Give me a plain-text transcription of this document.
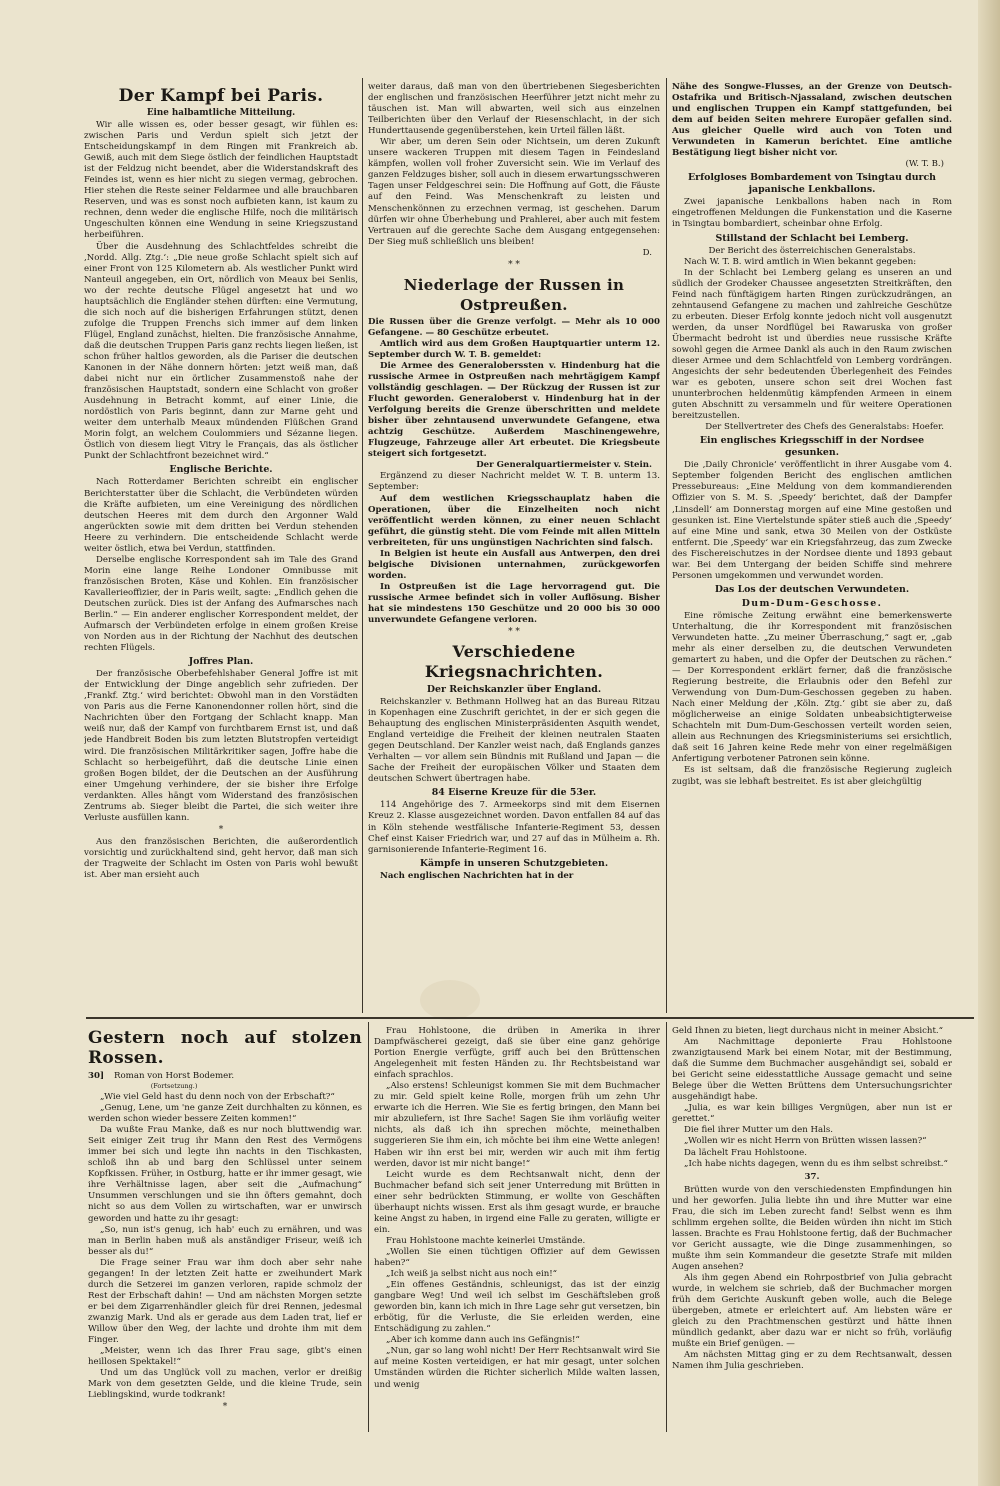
Der Kampf bei Paris.
Eine halbamtliche Mitteilung.

Wir alle wissen es, oder besser gesagt, wir fühlen es: zwischen Paris und Verdun spielt sich jetzt der Entscheidungskampf in dem Ringen mit Frankreich ab. Gewiß, auch mit dem Siege östlich der feindlichen Hauptstadt ist der Feldzug nicht beendet, aber die Widerstandskraft des Feindes ist, wenn es hier nicht zu siegen vermag, gebrochen. Hier stehen die Reste seiner Feldarmee und alle brauchbaren Reserven, und was es sonst noch aufbieten kann, ist kaum zu rechnen, denn weder die englische Hilfe, noch die militärisch Ungeschulten können eine Wendung in seine Kriegszustand herbeiführen.

Über die Ausdehnung des Schlachtfeldes schreibt die ‚Nordd. Allg. Ztg.‘: „Die neue große Schlacht spielt sich auf einer Front von 125 Kilometern ab. Als westlicher Punkt wird Nanteuil angegeben, ein Ort, nördlich von Meaux bei Senlis, wo der rechte deutsche Flügel angesetzt hat und wo hauptsächlich die Engländer stehen dürften: eine Vermutung, die sich noch auf die bisherigen Erfahrungen stützt, denen zufolge die Truppen Frenchs sich immer auf dem linken Flügel, England zunächst, hielten. Die französische Annahme, daß die deutschen Truppen Paris ganz rechts liegen ließen, ist schon früher haltlos geworden, als die Pariser die deutschen Kanonen in der Nähe donnern hörten: jetzt weiß man, daß dabei nicht nur ein örtlicher Zusammenstoß nahe der französischen Hauptstadt, sondern eine Schlacht von großer Ausdehnung in Betracht kommt, auf einer Linie, die nordöstlich von Paris beginnt, dann zur Marne geht und weiter dem unterhalb Meaux mündenden Flüßchen Grand Morin folgt, an welchem Coulommiers und Sézanne liegen. Östlich von diesem liegt Vitry le Français, das als östlicher Punkt der Schlachtfront bezeichnet wird.“

Englische Berichte.

Nach Rotterdamer Berichten schreibt ein englischer Berichterstatter über die Schlacht, die Verbündeten würden die Kräfte aufbieten, um eine Vereinigung des nördlichen deutschen Heeres mit dem durch den Argonner Wald angerückten sowie mit dem dritten bei Verdun stehenden Heere zu verhindern. Die entscheidende Schlacht werde weiter östlich, etwa bei Verdun, stattfinden.

Derselbe englische Korrespondent sah im Tale des Grand Morin eine lange Reihe Londoner Omnibusse mit französischen Broten, Käse und Kohlen. Ein französischer Kavallerieoffizier, der in Paris weilt, sagte: „Endlich gehen die Deutschen zurück. Dies ist der Anfang des Aufmarsches nach Berlin.“ — Ein anderer englischer Korrespondent meldet, der Aufmarsch der Verbündeten erfolge in einem großen Kreise von Norden aus in der Richtung der Nachhut des deutschen rechten Flügels.

Joffres Plan.

Der französische Oberbefehlshaber General Joffre ist mit der Entwicklung der Dinge angeblich sehr zufrieden. Der ‚Frankf. Ztg.‘ wird berichtet: Obwohl man in den Vorstädten von Paris aus die Ferne Kanonendonner rollen hört, sind die Nachrichten über den Fortgang der Schlacht knapp. Man weiß nur, daß der Kampf von furchtbarem Ernst ist, und daß jede Handbreit Boden bis zum letzten Blutstropfen verteidigt wird. Die französischen Militärkritiker sagen, Joffre habe die Schlacht so herbeigeführt, daß die deutsche Linie einen großen Bogen bildet, der die Deutschen an der Ausführung einer Umgehung verhindere, der sie bisher ihre Erfolge verdankten. Alles hängt vom Widerstand des französischen Zentrums ab. Sieger bleibt die Partei, die sich weiter ihre Verluste ausfüllen kann.

*

Aus den französischen Berichten, die außerordentlich vorsichtig und zurückhaltend sind, geht hervor, daß man sich der Tragweite der Schlacht im Osten von Paris wohl bewußt ist. Aber man ersieht auch

weiter daraus, daß man von den übertriebenen Siegesberichten der englischen und französischen Heerführer jetzt nicht mehr zu täuschen ist. Man will abwarten, weil sich aus einzelnen Teilberichten über den Verlauf der Riesenschlacht, in der sich Hunderttausende gegenüberstehen, kein Urteil fällen läßt.

Wir aber, um deren Sein oder Nichtsein, um deren Zukunft unsere wackeren Truppen mit diesem Tagen in Feindesland kämpfen, wollen voll froher Zuversicht sein. Wie im Verlauf des ganzen Feldzuges bisher, soll auch in diesem erwartungsschweren Tagen unser Feldgeschrei sein: Die Hoffnung auf Gott, die Fäuste auf den Feind. Was Menschenkraft zu leisten und Menschenkönnen zu erzechnen vermag, ist geschehen. Darum dürfen wir ohne Überhebung und Prahlerei, aber auch mit festem Vertrauen auf die gerechte Sache dem Ausgang entgegensehen: Der Sieg muß schließlich uns bleiben!

D.
* *
Niederlage der Russen in Ostpreußen.

Die Russen über die Grenze verfolgt. — Mehr als 10 000 Gefangene. — 80 Geschütze erbeutet.

Amtlich wird aus dem Großen Hauptquartier unterm 12. September durch W. T. B. gemeldet:

Die Armee des Generaloberssten v. Hindenburg hat die russische Armee in Ostpreußen nach mehrtägigem Kampf vollständig geschlagen. — Der Rückzug der Russen ist zur Flucht geworden. Generaloberst v. Hindenburg hat in der Verfolgung bereits die Grenze überschritten und meldete bisher über zehntausend unverwundete Gefangene, etwa achtzig Geschütze. Außerdem Maschinengewehre, Flugzeuge, Fahrzeuge aller Art erbeutet. Die Kriegsbeute steigert sich fortgesetzt.

Der Generalquartiermeister v. Stein.

Ergänzend zu dieser Nachricht meldet W. T. B. unterm 13. September:

Auf dem westlichen Kriegsschauplatz haben die Operationen, über die Einzelheiten noch nicht veröffentlicht werden können, zu einer neuen Schlacht geführt, die günstig steht. Die vom Feinde mit allen Mitteln verbreiteten, für uns ungünstigen Nachrichten sind falsch.

In Belgien ist heute ein Ausfall aus Antwerpen, den drei belgische Divisionen unternahmen, zurückgeworfen worden.

In Ostpreußen ist die Lage hervorragend gut. Die russische Armee befindet sich in voller Auflösung. Bisher hat sie mindestens 150 Geschütze und 20 000 bis 30 000 unverwundete Gefangene verloren.

* *
Verschiedene Kriegsnachrichten.
Der Reichskanzler über England.

Reichskanzler v. Bethmann Hollweg hat an das Bureau Ritzau in Kopenhagen eine Zuschrift gerichtet, in der er sich gegen die Behauptung des englischen Ministerpräsidenten Asquith wendet, England verteidige die Freiheit der kleinen neutralen Staaten gegen Deutschland. Der Kanzler weist nach, daß Englands ganzes Verhalten — vor allem sein Bündnis mit Rußland und Japan — die Sache der Freiheit der europäischen Völker und Staaten dem deutschen Schwert übertragen habe.

84 Eiserne Kreuze für die 53er.

114 Angehörige des 7. Armeekorps sind mit dem Eisernen Kreuz 2. Klasse ausgezeichnet worden. Davon entfallen 84 auf das in Köln stehende westfälische Infanterie-Regiment 53, dessen Chef einst Kaiser Friedrich war, und 27 auf das in Mülheim a. Rh. garnisonierende Infanterie-Regiment 16.

Kämpfe in unseren Schutzgebieten.

Nach englischen Nachrichten hat in der

Nähe des Songwe-Flusses, an der Grenze von Deutsch-Ostafrika und Britisch-Njassaland, zwischen deutschen und englischen Truppen ein Kampf stattgefunden, bei dem auf beiden Seiten mehrere Europäer gefallen sind. Aus gleicher Quelle wird auch von Toten und Verwundeten in Kamerun berichtet. Eine amtliche Bestätigung liegt bisher nicht vor.

(W. T. B.)
Erfolgloses Bombardement von Tsingtau durch japanische Lenkballons.

Zwei japanische Lenkballons haben nach in Rom eingetroffenen Meldungen die Funkenstation und die Kaserne in Tsingtau bombardiert, scheinbar ohne Erfolg.

Stillstand der Schlacht bei Lemberg.

Der Bericht des österreichischen Generalstabs.

Nach W. T. B. wird amtlich in Wien bekannt gegeben:

In der Schlacht bei Lemberg gelang es unseren an und südlich der Grodeker Chaussee angesetzten Streitkräften, den Feind nach fünftägigem harten Ringen zurückzudrängen, an zehntausend Gefangene zu machen und zahlreiche Geschütze zu erbeuten. Dieser Erfolg konnte jedoch nicht voll ausgenutzt werden, da unser Nordflügel bei Rawaruska von großer Übermacht bedroht ist und überdies neue russische Kräfte sowohl gegen die Armee Dankl als auch in den Raum zwischen dieser Armee und dem Schlachtfeld von Lemberg vordrängen. Angesichts der sehr bedeutenden Überlegenheit des Feindes war es geboten, unsere schon seit drei Wochen fast ununterbrochen heldenmütig kämpfenden Armeen in einem guten Abschnitt zu versammeln und für weitere Operationen bereitzustellen.

Der Stellvertreter des Chefs des Generalstabs: Hoefer.
Ein englisches Kriegsschiff in der Nordsee gesunken.

Die ‚Daily Chronicle‘ veröffentlicht in ihrer Ausgabe vom 4. September folgenden Bericht des englischen amtlichen Pressebureaus: „Eine Meldung von dem kommandierenden Offizier von S. M. S. ‚Speedy‘ berichtet, daß der Dampfer ‚Linsdell‘ am Donnerstag morgen auf eine Mine gestoßen und gesunken ist. Eine Viertelstunde später stieß auch die ‚Speedy‘ auf eine Mine und sank, etwa 30 Meilen von der Ostküste entfernt. Die ‚Speedy‘ war ein Kriegsfahrzeug, das zum Zwecke des Fischereischutzes in der Nordsee diente und 1893 gebaut war. Bei dem Untergang der beiden Schiffe sind mehrere Personen umgekommen und verwundet worden.

Das Los der deutschen Verwundeten.
Dum-Dum-Geschosse.

Eine römische Zeitung erwähnt eine bemerkenswerte Unterhaltung, die ihr Korrespondent mit französischen Verwundeten hatte. „Zu meiner Überraschung,“ sagt er, „gab mehr als einer derselben zu, die deutschen Verwundeten gemartert zu haben, und die Opfer der Deutschen zu rächen.“ — Der Korrespondent erklärt ferner, daß die französische Regierung bestreite, die Erlaubnis oder den Befehl zur Verwendung von Dum-Dum-Geschossen gegeben zu haben. Nach einer Meldung der ‚Köln. Ztg.‘ gibt sie aber zu, daß möglicherweise an einige Soldaten unbeabsichtigterweise Schachteln mit Dum-Dum-Geschossen verteilt worden seien, allein aus Rechnungen des Kriegsministeriums sei ersichtlich, daß seit 16 Jahren keine Rede mehr von einer regelmäßigen Anfertigung verbotener Patronen sein könne.

Es ist seltsam, daß die französische Regierung zugleich zugibt, was sie lebhaft bestreitet. Es ist aber gleichgültig

Gestern noch auf stolzen Rossen.
30] Roman von Horst Bodemer.
(Fortsetzung.)

„Wie viel Geld hast du denn noch von der Erbschaft?“

„Genug, Lene, um 'ne ganze Zeit durchhalten zu können, es werden schon wieder bessere Zeiten kommen!“

Da wußte Frau Manke, daß es nur noch bluttwendig war. Seit einiger Zeit trug ihr Mann den Rest des Vermögens immer bei sich und legte ihn nachts in den Tischkasten, schloß ihn ab und barg den Schlüssel unter seinem Kopfkissen. Früher, in Ostburg, hatte er ihr immer gesagt, wie ihre Verhältnisse lagen, aber seit die „Aufmachung“ Unsummen verschlungen und sie ihn öfters gemahnt, doch nicht so aus dem Vollen zu wirtschaften, war er unwirsch geworden und hatte zu ihr gesagt:

„So, nun ist's genug, ich hab' euch zu ernähren, und was man in Berlin haben muß als anständiger Friseur, weiß ich besser als du!“

Die Frage seiner Frau war ihm doch aber sehr nahe gegangen! In der letzten Zeit hatte er zweihundert Mark durch die Setzerei im ganzen verloren, rapide schmolz der Rest der Erbschaft dahin! — Und am nächsten Morgen setzte er bei dem Zigarrenhändler gleich für drei Rennen, jedesmal zwanzig Mark. Und als er gerade aus dem Laden trat, lief er Willow über den Weg, der lachte und drohte ihm mit dem Finger.

„Meister, wenn ich das Ihrer Frau sage, gibt's einen heillosen Spektakel!“

Und um das Unglück voll zu machen, verlor er dreißig Mark von dem gesetzten Gelde, und die kleine Trude, sein Lieblingskind, wurde todkrank!

*

Frau Hohlstoone, die drüben in Amerika in ihrer Dampfwäscherei gezeigt, daß sie über eine ganz gehörige Portion Energie verfügte, griff auch bei den Brüttenschen Angelegenheit mit festen Händen zu. Ihr Rechtsbeistand war einfach sprachlos.

„Also erstens! Schleunigst kommen Sie mit dem Buchmacher zu mir. Geld spielt keine Rolle, morgen früh um zehn Uhr erwarte ich die Herren. Wie Sie es fertig bringen, den Mann bei mir abzuliefern, ist Ihre Sache! Sagen Sie ihm vorläufig weiter nichts, als daß ich ihn sprechen möchte, meinethalben suggerieren Sie ihm ein, ich möchte bei ihm eine Wette anlegen! Haben wir ihn erst bei mir, werden wir auch mit ihm fertig werden, davor ist mir nicht bange!“

Leicht wurde es dem Rechtsanwalt nicht, denn der Buchmacher befand sich seit jener Unterredung mit Brütten in einer sehr bedrückten Stimmung, er wollte von Geschäften überhaupt nichts wissen. Erst als ihm gesagt wurde, er brauche keine Angst zu haben, in irgend eine Falle zu geraten, willigte er ein.

Frau Hohlstoone machte keinerlei Umstände.

„Wollen Sie einen tüchtigen Offizier auf dem Gewissen haben?“

„Ich weiß ja selbst nicht aus noch ein!“

„Ein offenes Geständnis, schleunigst, das ist der einzig gangbare Weg! Und weil ich selbst im Geschäftsleben groß geworden bin, kann ich mich in Ihre Lage sehr gut versetzen, bin erbötig, für die Verluste, die Sie erleiden werden, eine Entschädigung zu zahlen.“

„Aber ich komme dann auch ins Gefängnis!“

„Nun, gar so lang wohl nicht! Der Herr Rechtsanwalt wird Sie auf meine Kosten verteidigen, er hat mir gesagt, unter solchen Umständen würden die Richter sicherlich Milde walten lassen, und wenig

Geld Ihnen zu bieten, liegt durchaus nicht in meiner Absicht.“

Am Nachmittage deponierte Frau Hohlstoone zwanzigtausend Mark bei einem Notar, mit der Bestimmung, daß die Summe dem Buchmacher ausgehändigt sei, sobald er bei Gericht seine eidesstattliche Aussage gemacht und seine Belege über die Wetten Brüttens dem Untersuchungsrichter ausgehändigt habe.

„Julia, es war kein billiges Vergnügen, aber nun ist er gerettet.“

Die fiel ihrer Mutter um den Hals.

„Wollen wir es nicht Herrn von Brütten wissen lassen?“

Da lächelt Frau Hohlstoone.

„Ich habe nichts dagegen, wenn du es ihm selbst schreibst.“

37.

Brütten wurde von den verschiedensten Empfindungen hin und her geworfen. Julia liebte ihn und ihre Mutter war eine Frau, die sich im Leben zurecht fand! Selbst wenn es ihm schlimm ergehen sollte, die Beiden würden ihn nicht im Stich lassen. Brachte es Frau Hohlstoone fertig, daß der Buchmacher vor Gericht aussagte, wie die Dinge zusammenhingen, so mußte ihm sein Kommandeur die gesetzte Strafe mit milden Augen ansehen?

Als ihm gegen Abend ein Rohrpostbrief von Julia gebracht wurde, in welchem sie schrieb, daß der Buchmacher morgen früh dem Gerichte Auskunft geben wolle, auch die Belege übergeben, atmete er erleichtert auf. Am liebsten wäre er gleich zu den Prachtmenschen gestürzt und hätte ihnen mündlich gedankt, aber dazu war er nicht so früh, vorläufig mußte ein Brief genügen. —

Am nächsten Mittag ging er zu dem Rechtsanwalt, dessen Namen ihm Julia geschrieben.
